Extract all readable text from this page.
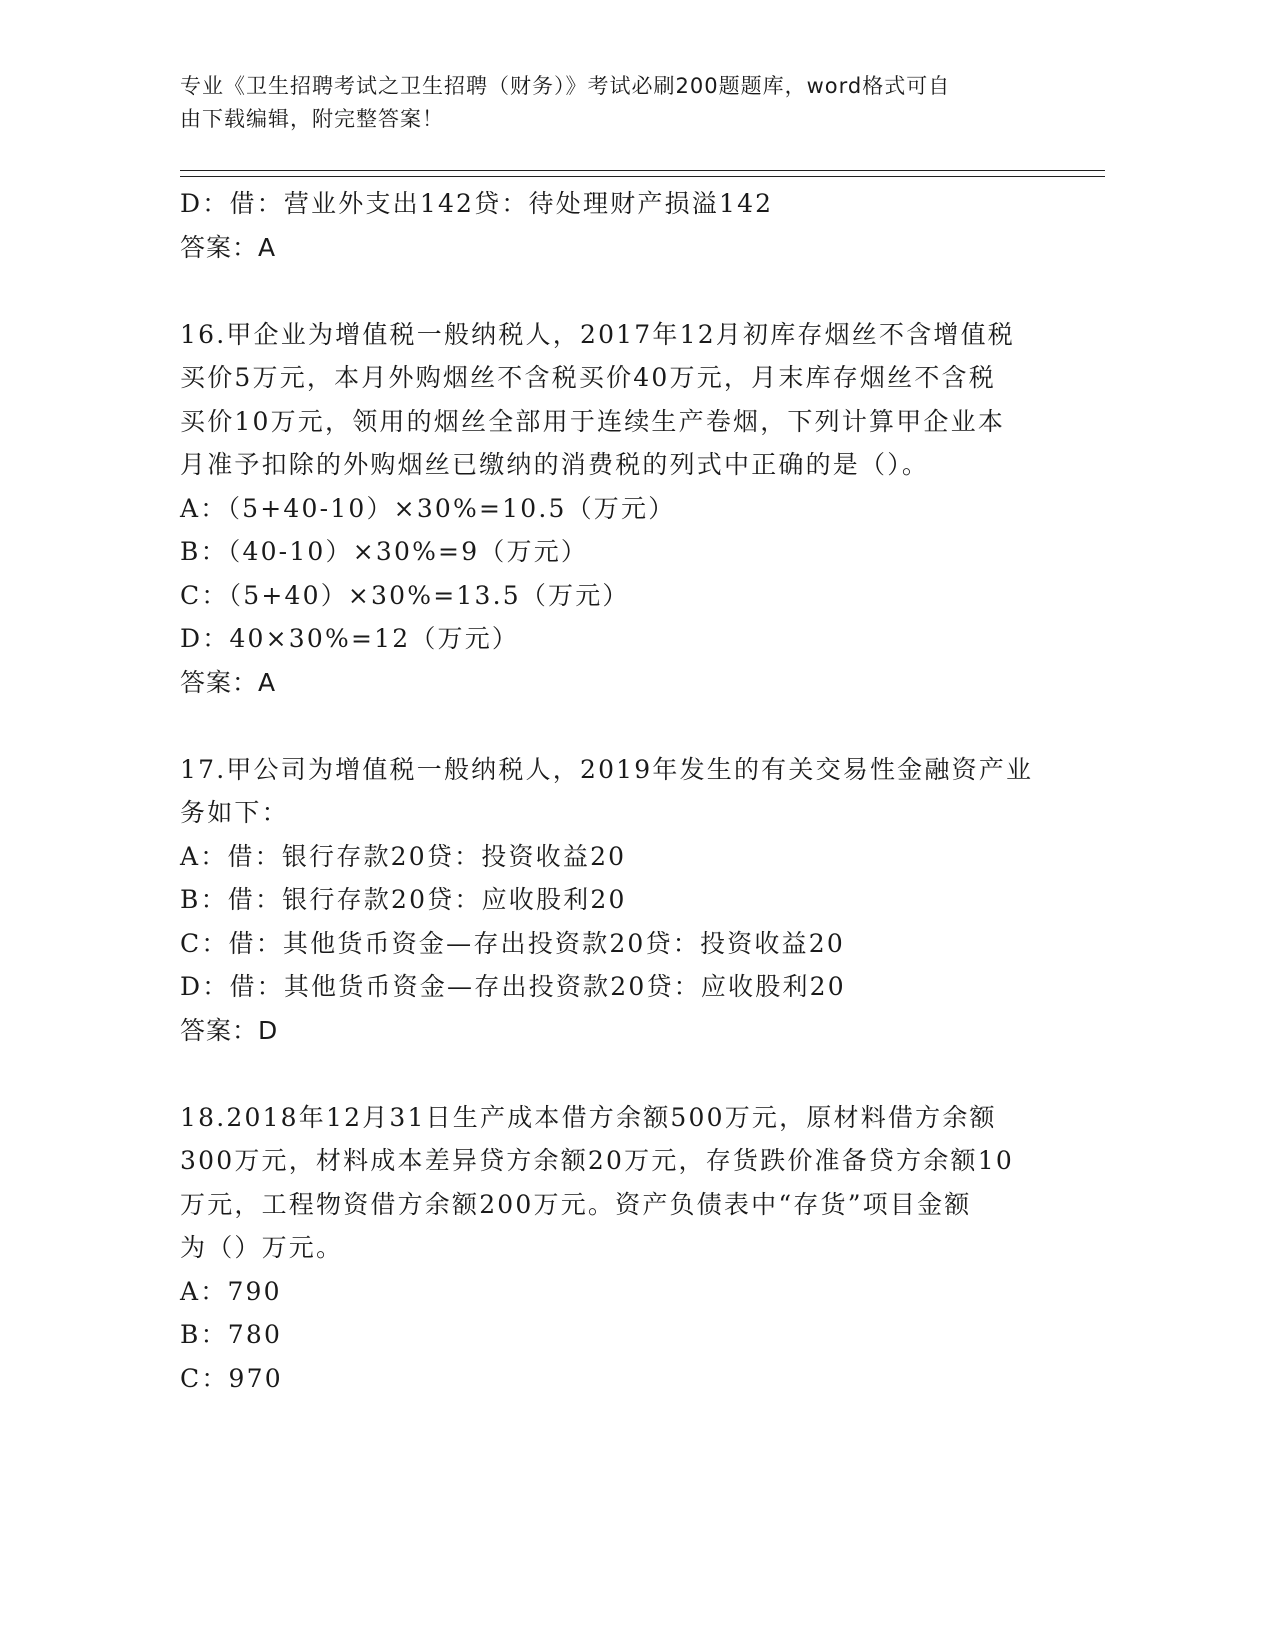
专业《卫生招聘考试之卫生招聘（财务）》考试必刷200题题库，word格式可自
由下载编辑，附完整答案！
D：借：营业外支出142贷：待处理财产损溢142
答案：A
16.甲企业为增值税一般纳税人，2017年12月初库存烟丝不含增值税
买价5万元，本月外购烟丝不含税买价40万元，月末库存烟丝不含税
买价10万元，领用的烟丝全部用于连续生产卷烟，下列计算甲企业本
月准予扣除的外购烟丝已缴纳的消费税的列式中正确的是（）。
A：（5+40-10）×30%=10.5（万元）
B：（40-10）×30%=9（万元）
C：（5+40）×30%=13.5（万元）
D：40×30%=12（万元）
答案：A
17.甲公司为增值税一般纳税人，2019年发生的有关交易性金融资产业
务如下：
A：借：银行存款20贷：投资收益20
B：借：银行存款20贷：应收股利20
C：借：其他货币资金—存出投资款20贷：投资收益20
D：借：其他货币资金—存出投资款20贷：应收股利20
答案：D
18.2018年12月31日生产成本借方余额500万元，原材料借方余额
300万元，材料成本差异贷方余额20万元，存货跌价准备贷方余额10
万元，工程物资借方余额200万元。资产负债表中“存货”项目金额
为（）万元。
A：790
B：780
C：970
